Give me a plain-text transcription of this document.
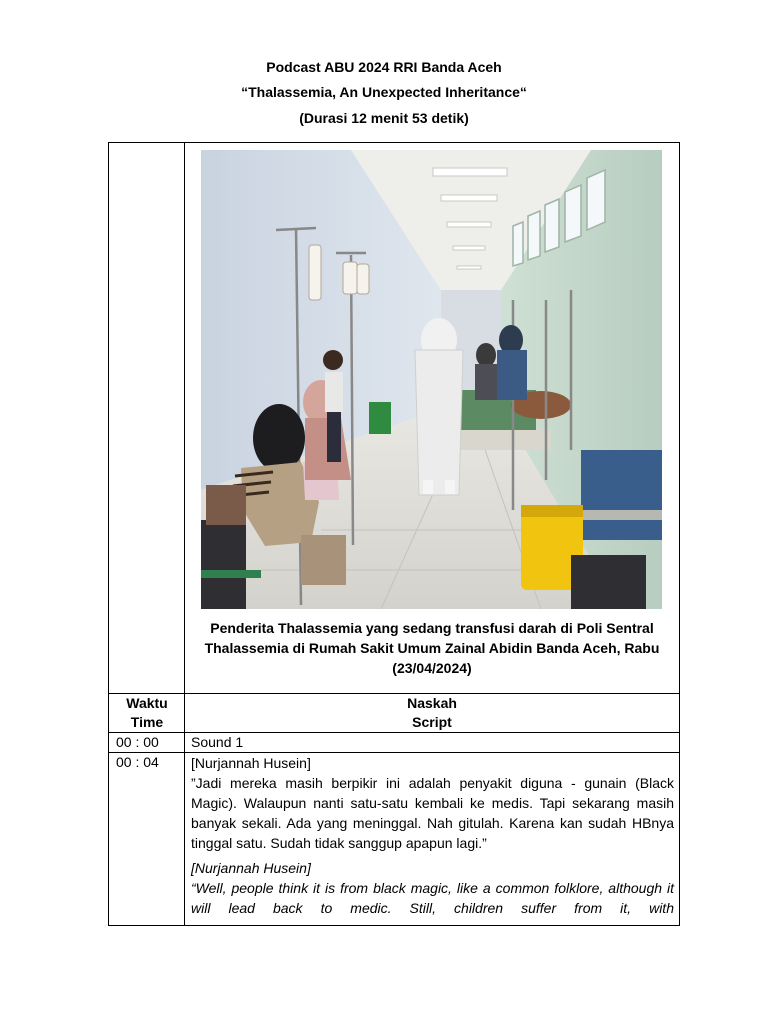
Podcast ABU 2024 RRI Banda Aceh
“Thalassemia, An Unexpected Inheritance“
(Durasi 12 menit 53 detik)
Penderita Thalassemia yang sedang transfusi darah di Poli Sentral Thalassemia di Rumah Sakit Umum Zainal Abidin Banda Aceh, Rabu (23/04/2024)
Waktu
Time
Naskah
Script
00 : 00 Sound 1
00 : 04 [Nurjannah Husein]

”Jadi mereka masih berpikir ini adalah penyakit diguna - gunain (Black Magic). Walaupun nanti satu-satu kembali ke medis. Tapi sekarang masih banyak sekali. Ada yang meninggal. Nah gitulah. Karena kan sudah HBnya tinggal satu. Sudah tidak sanggup apapun lagi.”

[Nurjannah Husein]

“Well, people think it is from black magic, like a common folklore, although it will lead back to medic. Still, children suffer from it, with
